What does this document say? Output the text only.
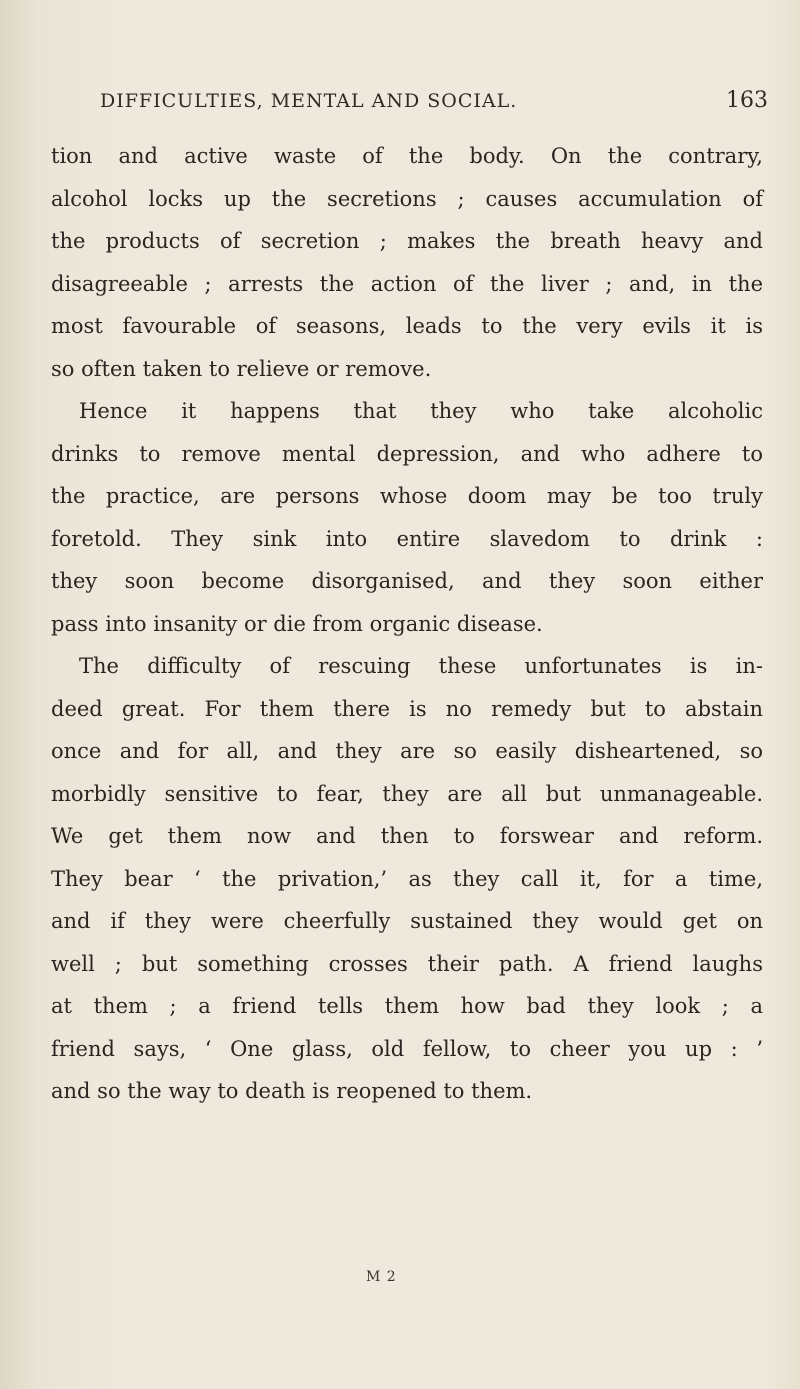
DIFFICULTIES, MENTAL AND SOCIAL.	163
tion and active waste of the body. On the contrary,
alcohol locks up the secretions ; causes accumulation of
the products of secretion ; makes the breath heavy and
disagreeable ; arrests the action of the liver ; and, in the
most favourable of seasons, leads to the very evils it is
so often taken to relieve or remove.
Hence it happens that they who take alcoholic
drinks to remove mental depression, and who adhere to
the practice, are persons whose doom may be too truly
foretold. They sink into entire slavedom to drink :
they soon become disorganised, and they soon either
pass into insanity or die from organic disease.
The difficulty of rescuing these unfortunates is in-
deed great. For them there is no remedy but to abstain
once and for all, and they are so easily disheartened, so
morbidly sensitive to fear, they are all but unmanageable.
We get them now and then to forswear and reform.
They bear ‘ the privation,’ as they call it, for a time,
and if they were cheerfully sustained they would get on
well ; but something crosses their path. A friend laughs
at them ; a friend tells them how bad they look ; a
friend says, ‘ One glass, old fellow, to cheer you up : ’
and so the way to death is reopened to them.
M 2
